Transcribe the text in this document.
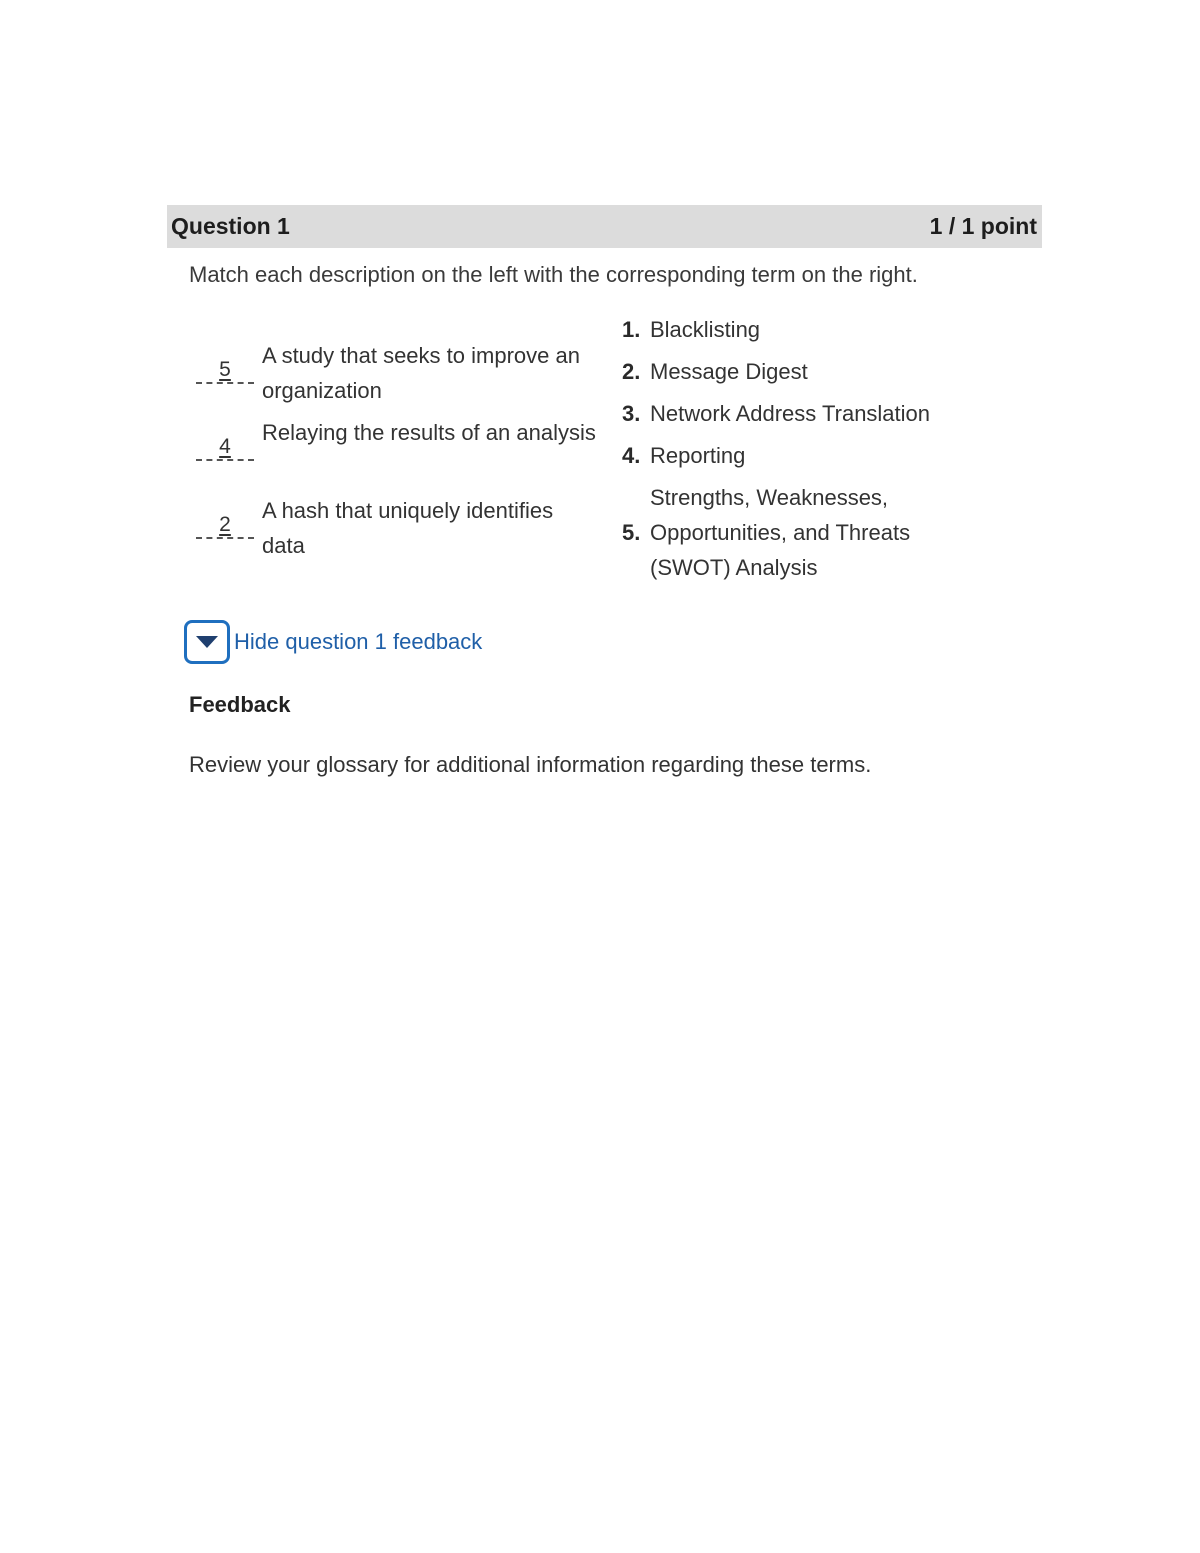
Question 1	1 / 1 point
Match each description on the left with the corresponding term on the right.
5
A study that seeks to improve an organization
4
Relaying the results of an analysis
2
A hash that uniquely identifies data
1. Blacklisting
2. Message Digest
3. Network Address Translation
4. Reporting
5.
Strengths, Weaknesses, Opportunities, and Threats (SWOT) Analysis
Hide question 1 feedback
Feedback
Review your glossary for additional information regarding these terms.
